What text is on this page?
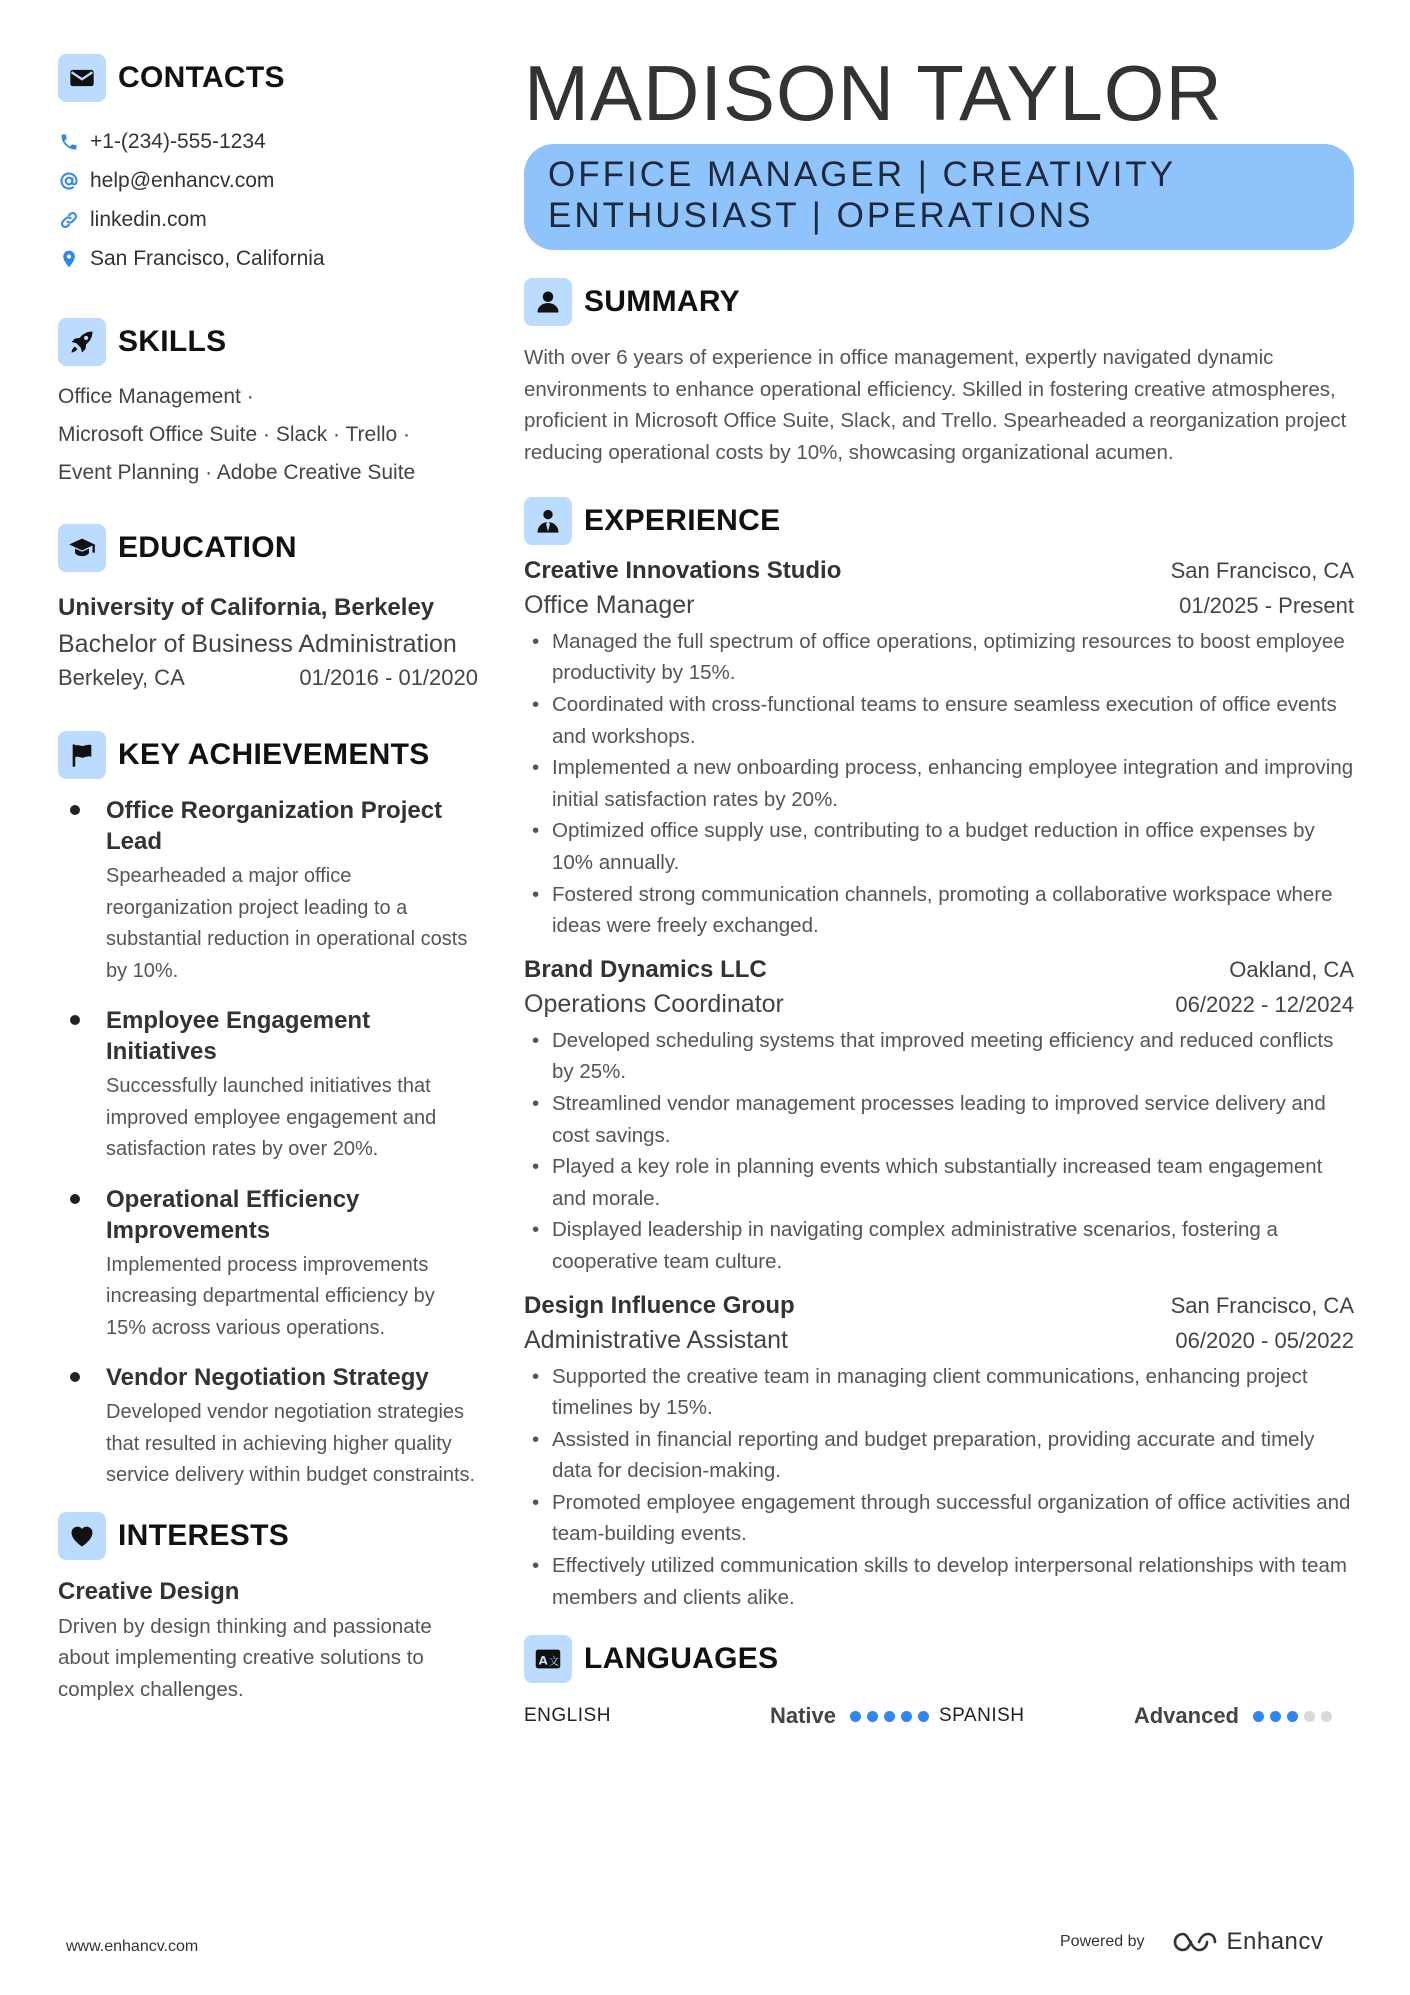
CONTACTS
+1-(234)-555-1234
help@enhancv.com
linkedin.com
San Francisco, California
SKILLS
Office Management ·
Microsoft Office Suite · Slack · Trello ·
Event Planning · Adobe Creative Suite
EDUCATION
University of California, Berkeley
Bachelor of Business Administration
Berkeley, CA	01/2016 - 01/2020
KEY ACHIEVEMENTS
Office Reorganization Project Lead
Spearheaded a major office reorganization project leading to a substantial reduction in operational costs by 10%.
Employee Engagement Initiatives
Successfully launched initiatives that improved employee engagement and satisfaction rates by over 20%.
Operational Efficiency Improvements
Implemented process improvements increasing departmental efficiency by 15% across various operations.
Vendor Negotiation Strategy
Developed vendor negotiation strategies that resulted in achieving higher quality service delivery within budget constraints.
INTERESTS
Creative Design
Driven by design thinking and passionate about implementing creative solutions to complex challenges.
MADISON TAYLOR
OFFICE MANAGER | CREATIVITY
ENTHUSIAST | OPERATIONS
SUMMARY

With over 6 years of experience in office management, expertly navigated dynamic environments to enhance operational efficiency. Skilled in fostering creative atmospheres, proficient in Microsoft Office Suite, Slack, and Trello. Spearheaded a reorganization project reducing operational costs by 10%, showcasing organizational acumen.

EXPERIENCE
Creative Innovations Studio	San Francisco, CA
Office Manager	01/2025 - Present
• Managed the full spectrum of office operations, optimizing resources to boost employee productivity by 15%.
• Coordinated with cross-functional teams to ensure seamless execution of office events and workshops.
• Implemented a new onboarding process, enhancing employee integration and improving initial satisfaction rates by 20%.
• Optimized office supply use, contributing to a budget reduction in office expenses by 10% annually.
• Fostered strong communication channels, promoting a collaborative workspace where ideas were freely exchanged.
Brand Dynamics LLC	Oakland, CA
Operations Coordinator	06/2022 - 12/2024
• Developed scheduling systems that improved meeting efficiency and reduced conflicts by 25%.
• Streamlined vendor management processes leading to improved service delivery and cost savings.
• Played a key role in planning events which substantially increased team engagement and morale.
• Displayed leadership in navigating complex administrative scenarios, fostering a cooperative team culture.
Design Influence Group	San Francisco, CA
Administrative Assistant	06/2020 - 05/2022
• Supported the creative team in managing client communications, enhancing project timelines by 15%.
• Assisted in financial reporting and budget preparation, providing accurate and timely data for decision-making.
• Promoted employee engagement through successful organization of office activities and team-building events.
• Effectively utilized communication skills to develop interpersonal relationships with team members and clients alike.
A 文 LANGUAGES
ENGLISH	Native	SPANISH	Advanced
www.enhancv.com	Powered by	Enhancv
